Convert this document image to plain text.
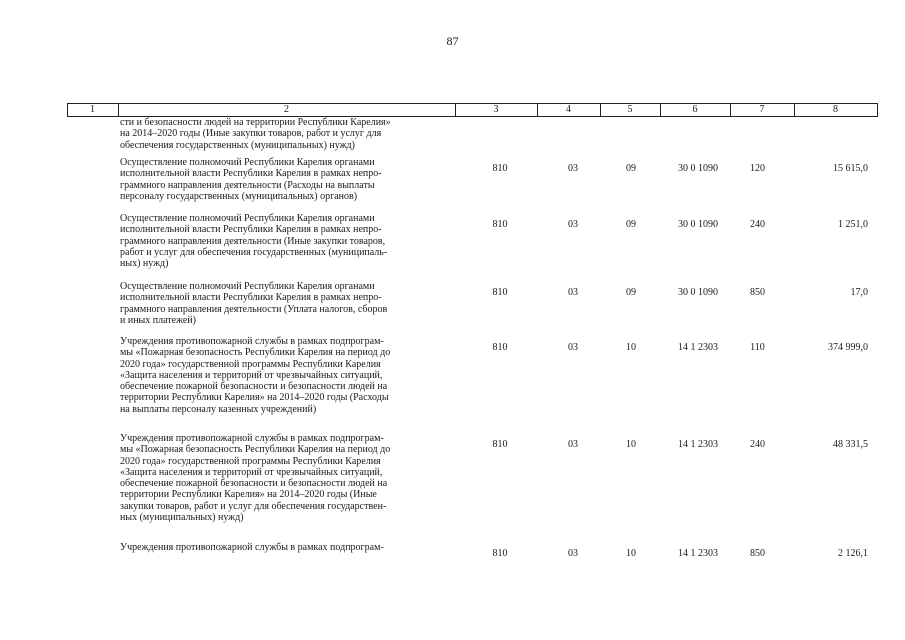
87
1	2	3	4	5	6	7	8
сти и безопасности людей на территории Республики Карелия»
на 2014–2020 годы (Иные закупки товаров, работ и услуг для
обеспечения государственных (муниципальных) нужд)
Осуществление полномочий Республики Карелия органами
исполнительной власти Республики Карелия в рамках непро-
граммного направления деятельности (Расходы на выплаты
персоналу государственных (муниципальных) органов)
810	03	09	30 0 1090	120	15 615,0
Осуществление полномочий Республики Карелия органами
исполнительной власти Республики Карелия в рамках непро-
граммного направления деятельности (Иные закупки товаров,
работ и услуг для обеспечения государственных (муниципаль-
ных) нужд)
810	03	09	30 0 1090	240	1 251,0
Осуществление полномочий Республики Карелия органами
исполнительной власти Республики Карелия в рамках непро-
граммного направления деятельности (Уплата налогов, сборов
и иных платежей)
810	03	09	30 0 1090	850	17,0
Учреждения противопожарной службы в рамках подпрограм-
мы «Пожарная безопасность Республики Карелия на период до
2020 года» государственной программы Республики Карелия
«Защита населения и территорий от чрезвычайных ситуаций,
обеспечение пожарной безопасности и безопасности людей на
территории Республики Карелия» на 2014–2020 годы (Расходы
на выплаты персоналу казенных учреждений)
810	03	10	14 1 2303	110	374 999,0
Учреждения противопожарной службы в рамках подпрограм-
мы «Пожарная безопасность Республики Карелия на период до
2020 года» государственной программы Республики Карелия
«Защита населения и территорий от чрезвычайных ситуаций,
обеспечение пожарной безопасности и безопасности людей на
территории Республики Карелия» на 2014–2020 годы (Иные
закупки товаров, работ и услуг для обеспечения государствен-
ных (муниципальных) нужд)
810	03	10	14 1 2303	240	48 331,5
Учреждения противопожарной службы в рамках подпрограм-
810	03	10	14 1 2303	850	2 126,1
